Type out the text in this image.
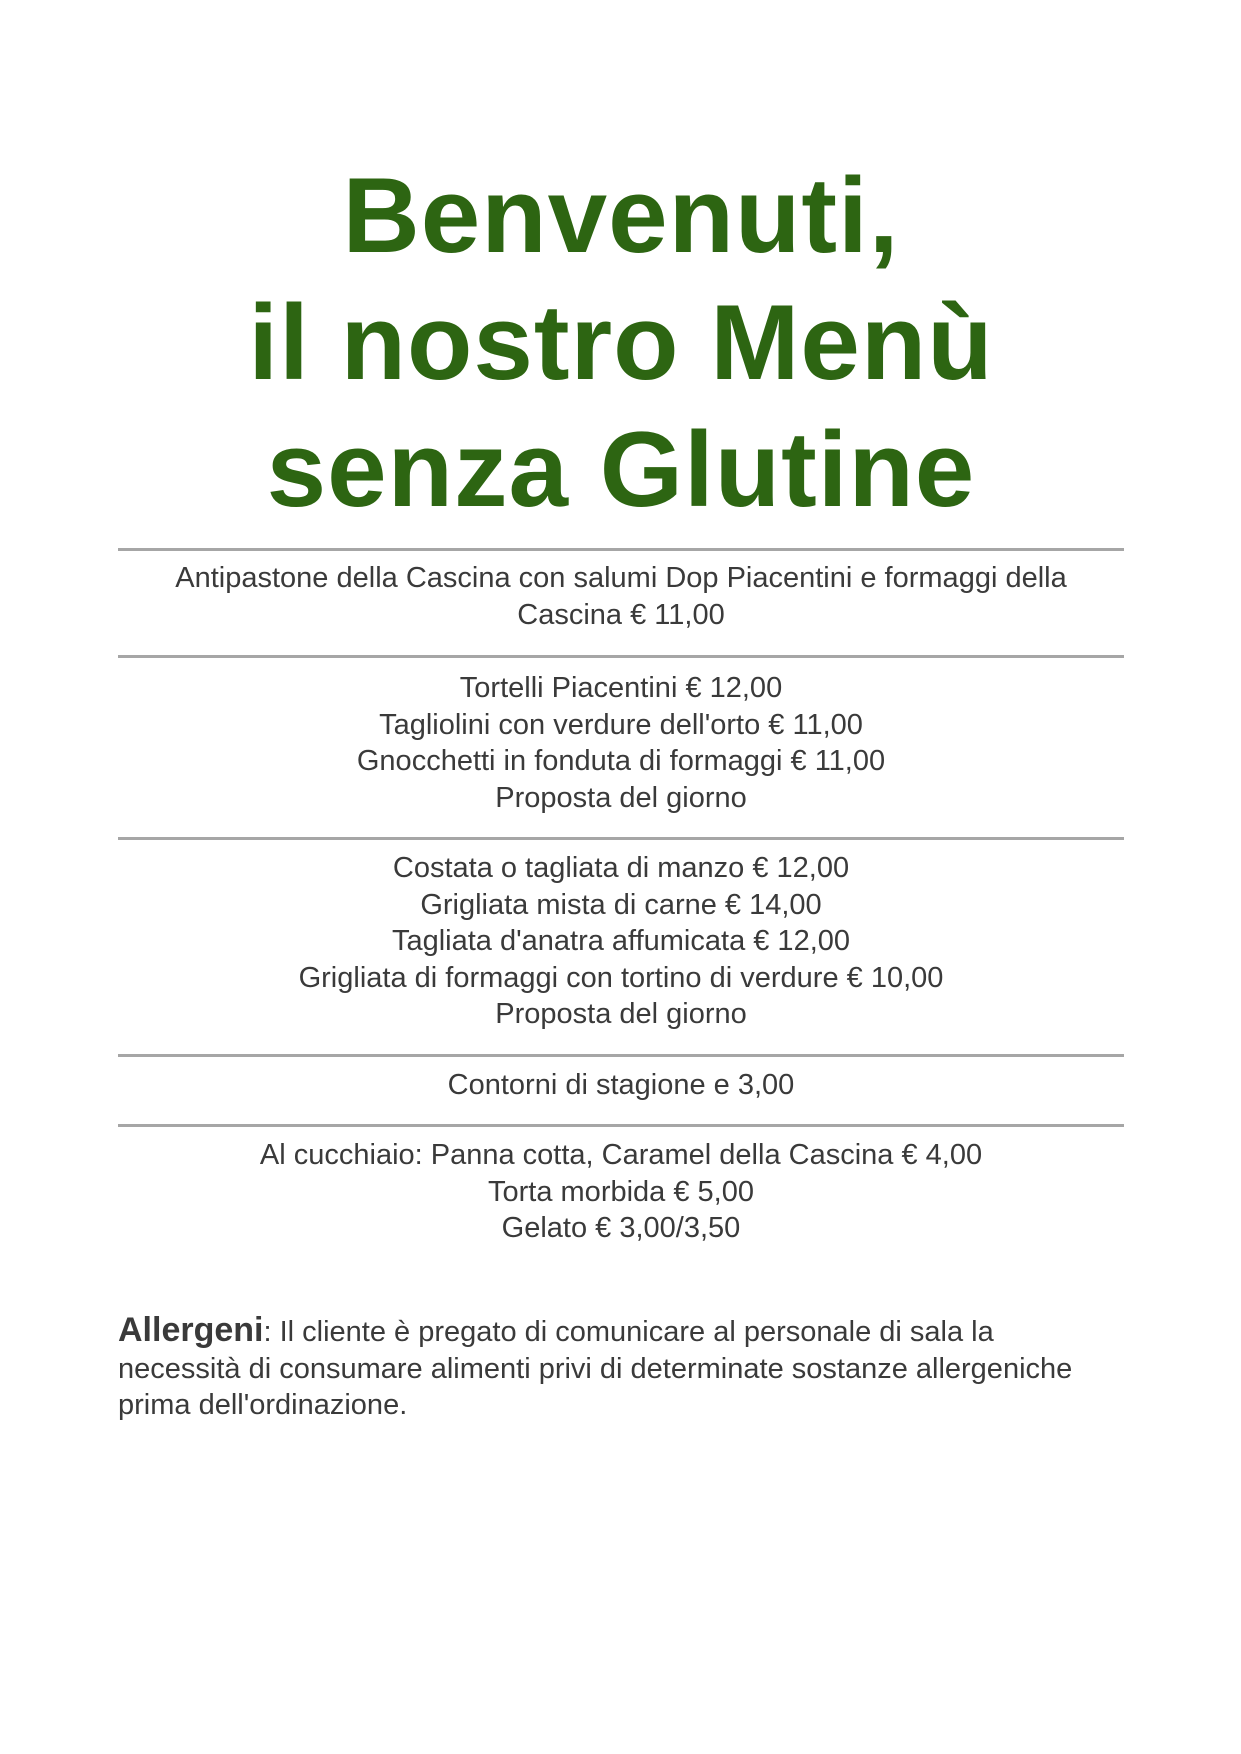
Benvenuti,
il nostro Menù
senza Glutine
Antipastone della Cascina con salumi Dop Piacentini e formaggi della
Cascina € 11,00
Tortelli Piacentini € 12,00
Tagliolini con verdure dell'orto € 11,00
Gnocchetti in fonduta di formaggi € 11,00
Proposta del giorno
Costata o tagliata di manzo € 12,00
Grigliata mista di carne € 14,00
Tagliata d'anatra affumicata € 12,00
Grigliata di formaggi con tortino di verdure € 10,00
Proposta del giorno
Contorni di stagione e 3,00
Al cucchiaio: Panna cotta, Caramel della Cascina € 4,00
Torta morbida € 5,00
Gelato € 3,00/3,50

Allergeni: Il cliente è pregato di comunicare al personale di sala la necessità di consumare alimenti privi di determinate sostanze allergeniche prima dell'ordinazione.
